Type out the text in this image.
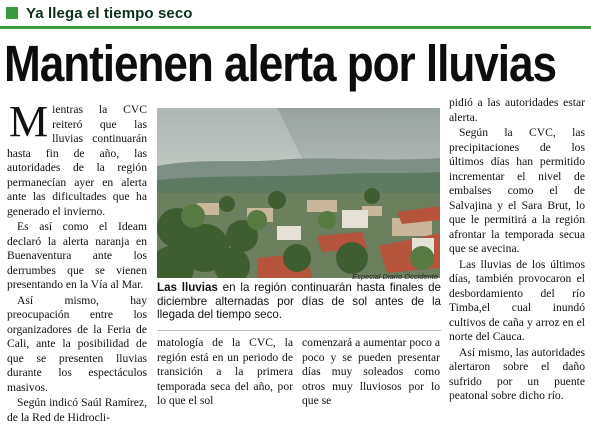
Ya llega el tiempo seco
Mantienen alerta por lluvias

Mientras la CVC reiteró que las lluvias continuarán hasta fin de año, las autoridades de la región permanecían ayer en alerta ante las dificultades que ha generado el invierno.

Es así como el Ideam declaró la alerta naranja en Buenaventura ante los derrumbes que se vienen presentando en la Vía al Mar.

Así mismo, hay preocupación entre los organizadores de la Feria de Cali, ante la posibilidad de que se presenten lluvias durante los espectáculos masivos.

Según indicó Saúl Ramírez, de la Red de Hidrocli-

Especial Diario Occidente
Las lluvias en la región continuarán hasta finales de diciembre alternadas por días de sol antes de la llegada del tiempo seco.

matología de la CVC, la región está en un periodo de transición a la primera temporada seca del año, por lo que el sol

comenzará a aumentar poco a poco y se pueden presentar días muy soleados como otros muy lluviosos por lo que se

pidió a las autoridades estar alerta.

Según la CVC, las precipitaciones de los últimos días han permitido incrementar el nivel de embalses como el de Salvajina y el Sara Brut, lo que le permitirá a la región afrontar la temporada secua que se avecina.

Las lluvias de los últimos días, también provocaron el desbordamiento del río Timba,el cual inundó cultivos de caña y arroz en el norte del Cauca.

Así mismo, las autoridades alertaron sobre el daño sufrido por un puente peatonal sobre dicho río.
